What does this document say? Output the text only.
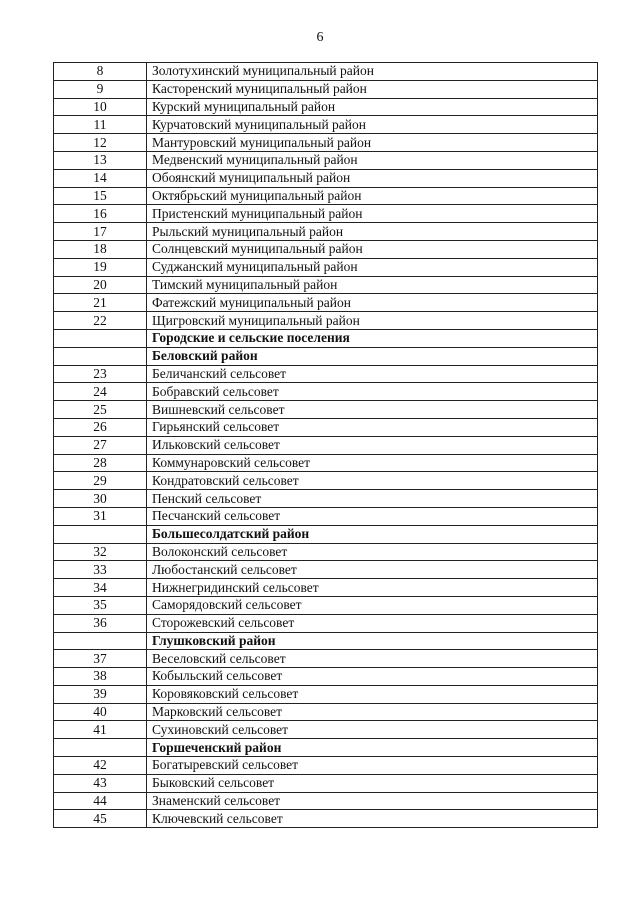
6
8	Золотухинский муниципальный район
9	Касторенский муниципальный район
10	Курский муниципальный район
11	Курчатовский муниципальный район
12	Мантуровский муниципальный район
13	Медвенский муниципальный район
14	Обоянский муниципальный район
15	Октябрьский муниципальный район
16	Пристенский муниципальный район
17	Рыльский муниципальный район
18	Солнцевский муниципальный район
19	Суджанский муниципальный район
20	Тимский муниципальный район
21	Фатежский муниципальный район
22	Щигровский муниципальный район
	Городские и сельские поселения
	Беловский район
23	Беличанский сельсовет
24	Бобравский сельсовет
25	Вишневский сельсовет
26	Гирьянский сельсовет
27	Ильковский сельсовет
28	Коммунаровский сельсовет
29	Кондратовский сельсовет
30	Пенский сельсовет
31	Песчанский сельсовет
	Большесолдатский район
32	Волоконский сельсовет
33	Любостанский сельсовет
34	Нижнегридинский сельсовет
35	Саморядовский сельсовет
36	Сторожевский сельсовет
	Глушковский район
37	Веселовский сельсовет
38	Кобыльский сельсовет
39	Коровяковский сельсовет
40	Марковский сельсовет
41	Сухиновский сельсовет
	Горшеченский район
42	Богатыревский сельсовет
43	Быковский сельсовет
44	Знаменский сельсовет
45	Ключевский сельсовет
